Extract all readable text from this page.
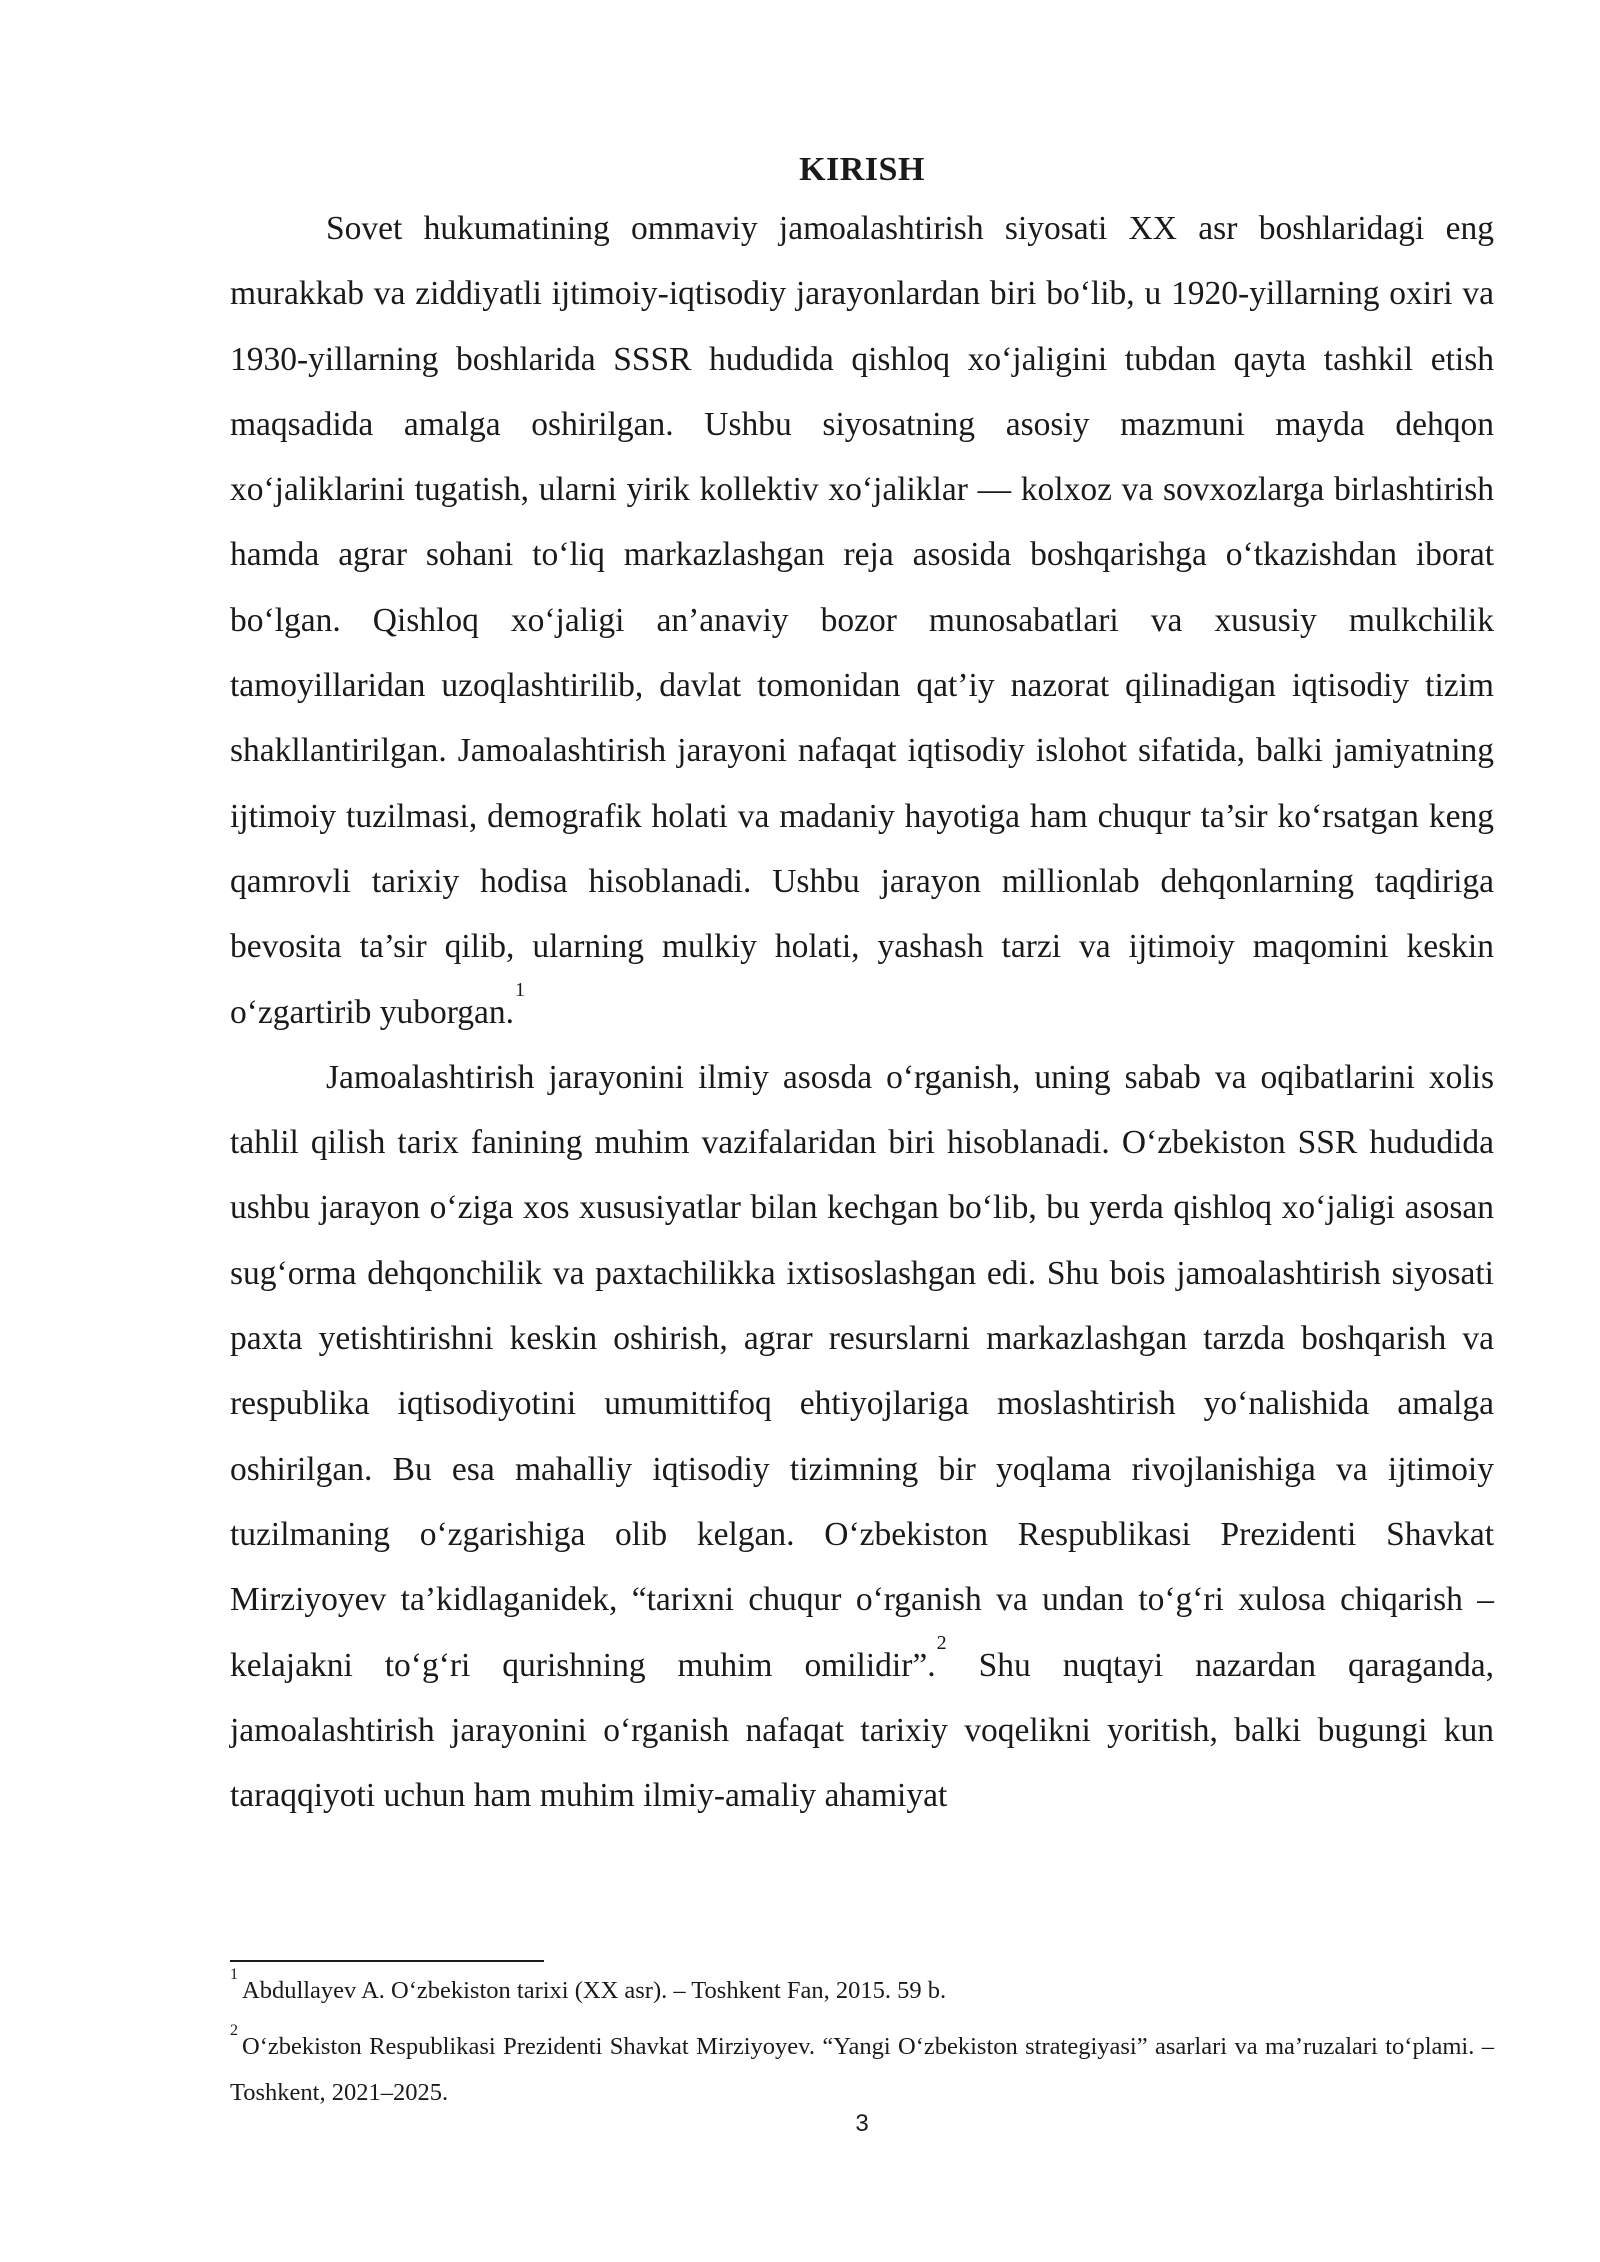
KIRISH

Sovet hukumatining ommaviy jamoalashtirish siyosati XX asr boshlaridagi eng murakkab va ziddiyatli ijtimoiy-iqtisodiy jarayonlardan biri bo‘lib, u 1920-yillarning oxiri va 1930-yillarning boshlarida SSSR hududida qishloq xo‘jaligini tubdan qayta tashkil etish maqsadida amalga oshirilgan. Ushbu siyosatning asosiy mazmuni mayda dehqon xo‘jaliklarini tugatish, ularni yirik kollektiv xo‘jaliklar — kolxoz va sovxozlarga birlashtirish hamda agrar sohani to‘liq markazlashgan reja asosida boshqarishga o‘tkazishdan iborat bo‘lgan. Qishloq xo‘jaligi an’anaviy bozor munosabatlari va xususiy mulkchilik tamoyillaridan uzoqlashtirilib, davlat tomonidan qat’iy nazorat qilinadigan iqtisodiy tizim shakllantirilgan. Jamoalashtirish jarayoni nafaqat iqtisodiy islohot sifatida, balki jamiyatning ijtimoiy tuzilmasi, demografik holati va madaniy hayotiga ham chuqur ta’sir ko‘rsatgan keng qamrovli tarixiy hodisa hisoblanadi. Ushbu jarayon millionlab dehqonlarning taqdiriga bevosita ta’sir qilib, ularning mulkiy holati, yashash tarzi va ijtimoiy maqomini keskin o‘zgartirib yuborgan.$^1$

Jamoalashtirish jarayonini ilmiy asosda o‘rganish, uning sabab va oqibatlarini xolis tahlil qilish tarix fanining muhim vazifalaridan biri hisoblanadi. O‘zbekiston SSR hududida ushbu jarayon o‘ziga xos xususiyatlar bilan kechgan bo‘lib, bu yerda qishloq xo‘jaligi asosan sug‘orma dehqonchilik va paxtachilikka ixtisoslashgan edi. Shu bois jamoalashtirish siyosati paxta yetishtirishni keskin oshirish, agrar resurslarni markazlashgan tarzda boshqarish va respublika iqtisodiyotini umumittifoq ehtiyojlariga moslashtirish yo‘nalishida amalga oshirilgan. Bu esa mahalliy iqtisodiy tizimning bir yoqlama rivojlanishiga va ijtimoiy tuzilmaning o‘zgarishiga olib kelgan. O‘zbekiston Respublikasi Prezidenti Shavkat Mirziyoyev ta’kidlaganidek, “tarixni chuqur o‘rganish va undan to‘g‘ri xulosa chiqarish – kelajakni to‘g‘ri qurishning muhim omilidir”.$^2$ Shu nuqtayi nazardan qaraganda, jamoalashtirish jarayonini o‘rganish nafaqat tarixiy voqelikni yoritish, balki bugungi kun taraqqiyoti uchun ham muhim ilmiy-amaliy ahamiyat

$^1$Abdullayev A. O‘zbekiston tarixi (XX asr). – Toshkent Fan, 2015. 59 b.

$^2$O‘zbekiston Respublikasi Prezidenti Shavkat Mirziyoyev. “Yangi O‘zbekiston strategiyasi” asarlari va ma’ruzalari to‘plami. – Toshkent, 2021–2025.

3
